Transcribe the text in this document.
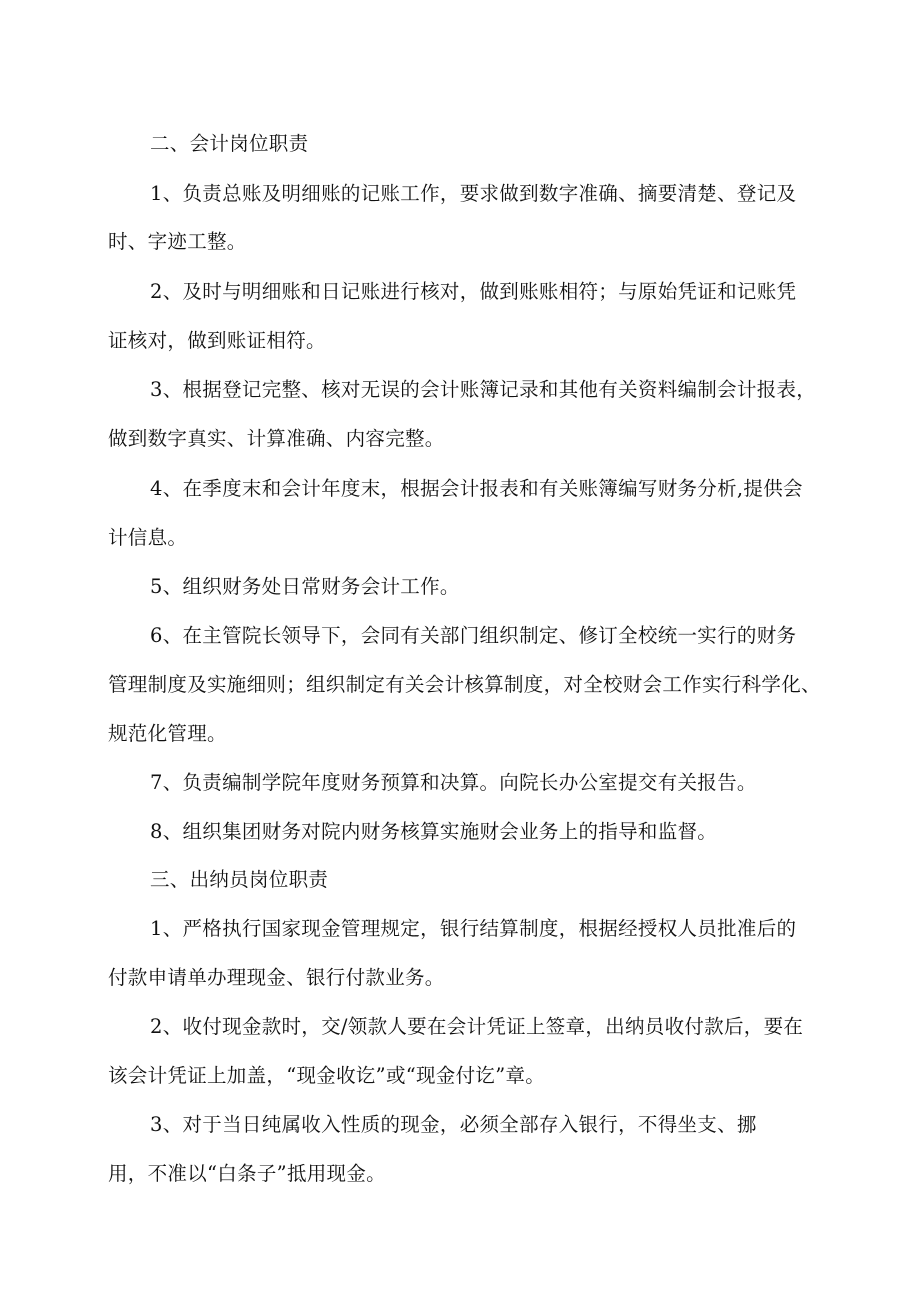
二、会计岗位职责
1、负责总账及明细账的记账工作，要求做到数字准确、摘要清楚、登记及
时、字迹工整。
2、及时与明细账和日记账进行核对，做到账账相符；与原始凭证和记账凭
证核对，做到账证相符。
3、根据登记完整、核对无误的会计账簿记录和其他有关资料编制会计报表，
做到数字真实、计算准确、内容完整。
4、在季度末和会计年度末，根据会计报表和有关账簿编写财务分析,提供会
计信息。
5、组织财务处日常财务会计工作。
6、在主管院长领导下，会同有关部门组织制定、修订全校统一实行的财务
管理制度及实施细则；组织制定有关会计核算制度，对全校财会工作实行科学化、
规范化管理。
7、负责编制学院年度财务预算和决算。向院长办公室提交有关报告。
8、组织集团财务对院内财务核算实施财会业务上的指导和监督。
三、出纳员岗位职责
1、严格执行国家现金管理规定，银行结算制度，根据经授权人员批准后的
付款申请单办理现金、银行付款业务。
2、收付现金款时，交/领款人要在会计凭证上签章，出纳员收付款后，要在
该会计凭证上加盖，“现金收讫”或“现金付讫”章。
3、对于当日纯属收入性质的现金，必须全部存入银行，不得坐支、挪
用，不准以“白条子”抵用现金。
